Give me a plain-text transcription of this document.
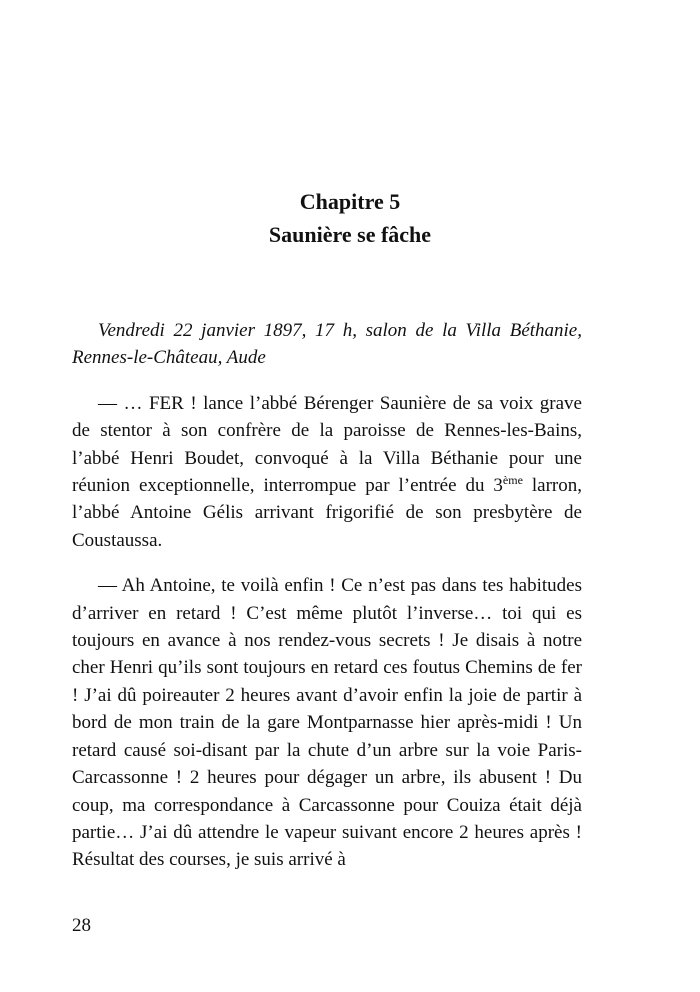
Chapitre 5
Saunière se fâche

Vendredi 22 janvier 1897, 17 h, salon de la Villa Béthanie, Rennes-le-Château, Aude

— … FER ! lance l’abbé Bérenger Saunière de sa voix grave de stentor à son confrère de la paroisse de Rennes-les-Bains, l’abbé Henri Boudet, convoqué à la Villa Béthanie pour une réunion exceptionnelle, interrompue par l’entrée du 3ème larron, l’abbé Antoine Gélis arrivant frigorifié de son presbytère de Coustaussa.

— Ah Antoine, te voilà enfin ! Ce n’est pas dans tes habitudes d’arriver en retard ! C’est même plutôt l’inverse… toi qui es toujours en avance à nos rendez-vous secrets ! Je disais à notre cher Henri qu’ils sont toujours en retard ces foutus Chemins de fer ! J’ai dû poireauter 2 heures avant d’avoir enfin la joie de partir à bord de mon train de la gare Montparnasse hier après-midi ! Un retard causé soi-disant par la chute d’un arbre sur la voie Paris-Carcassonne ! 2 heures pour dégager un arbre, ils abusent ! Du coup, ma correspondance à Carcassonne pour Couiza était déjà partie… J’ai dû attendre le vapeur suivant encore 2 heures après ! Résultat des courses, je suis arrivé à

28
